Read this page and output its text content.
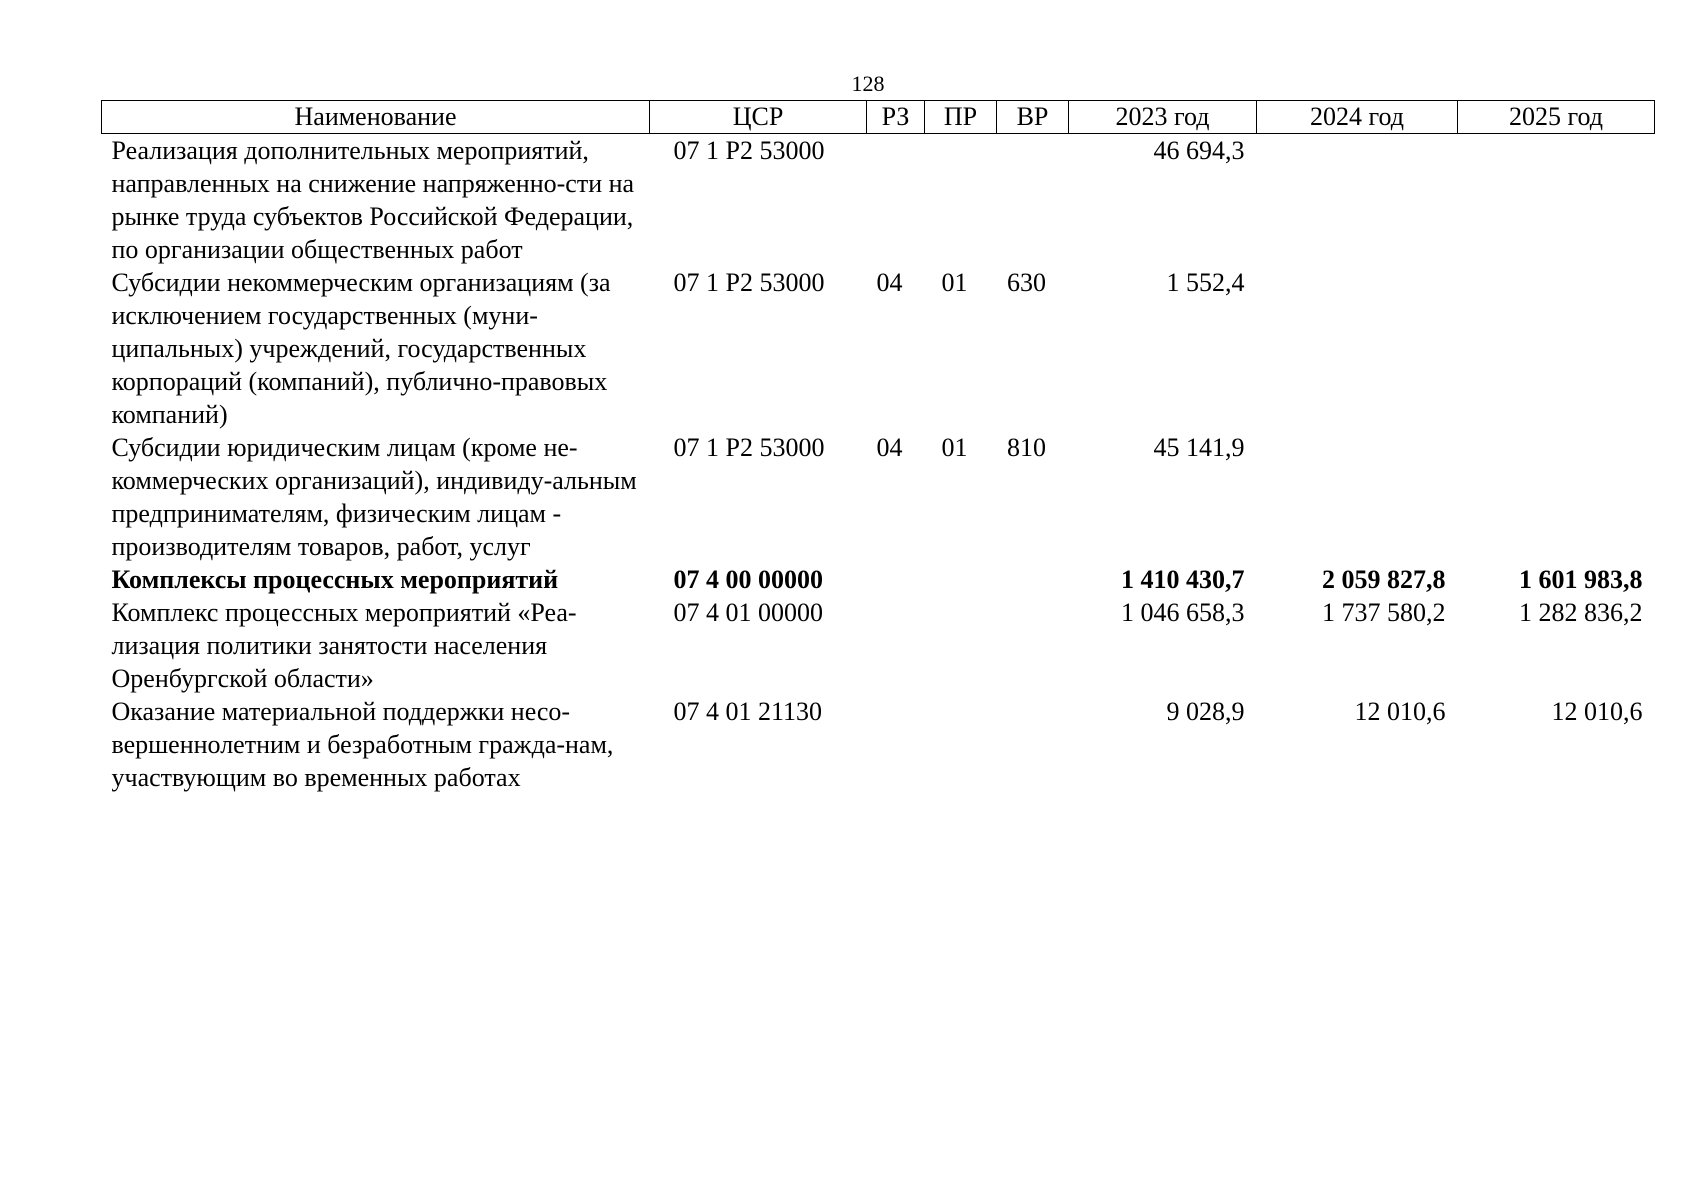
128
Наименование	ЦСР	РЗ	ПР	ВР	2023 год	2024 год	2025 год
Реализация дополнительных мероприятий, направленных на снижение напряженно-сти на рынке труда субъектов Российской Федерации, по организации общественных работ	07 1 P2 53000				46 694,3		
Субсидии некоммерческим организациям (за исключением государственных (муни-ципальных) учреждений, государственных корпораций (компаний), публично-правовых компаний)	07 1 P2 53000	04	01	630	1 552,4		
Субсидии юридическим лицам (кроме не-коммерческих организаций), индивиду-альным предпринимателям, физическим лицам - производителям товаров, работ, услуг	07 1 P2 53000	04	01	810	45 141,9		
Комплексы процессных мероприятий	07 4 00 00000				1 410 430,7	2 059 827,8	1 601 983,8
Комплекс процессных мероприятий «Реа-лизация политики занятости населения Оренбургской области»	07 4 01 00000				1 046 658,3	1 737 580,2	1 282 836,2
Оказание материальной поддержки несо-вершеннолетним и безработным гражда-нам, участвующим во временных работах	07 4 01 21130				9 028,9	12 010,6	12 010,6
